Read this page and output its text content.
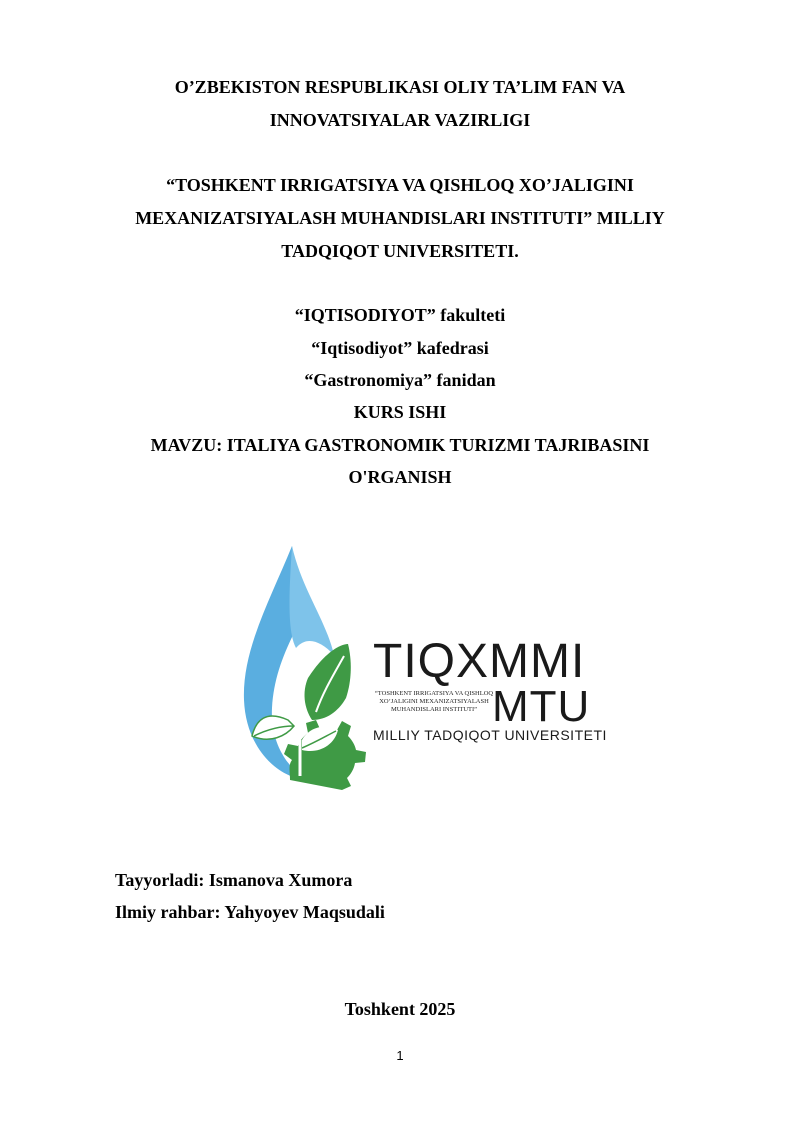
O’ZBEKISTON RESPUBLIKASI OLIY TA’LIM FAN VA
INNOVATSIYALAR VAZIRLIGI
“TOSHKENT IRRIGATSIYA VA QISHLOQ XO’JALIGINI
MEXANIZATSIYALASH MUHANDISLARI INSTITUTI” MILLIY
TADQIQOT UNIVERSITETI.
“IQTISODIYOT” fakulteti
“Iqtisodiyot” kafedrasi
“Gastronomiya” fanidan
KURS ISHI
MAVZU: ITALIYA GASTRONOMIK TURIZMI TAJRIBASINI
O'RGANISH
TIQXMMI
“TOSHKENT IRRIGATSIYA VA QISHLOQ XO’JALIGINI MEXANIZATSIYALASH MUHANDISLARI INSTITUTI” MTU
MILLIY TADQIQOT UNIVERSITETI
Tayyorladi: Ismanova Xumora
Ilmiy rahbar: Yahyoyev Maqsudali
Toshkent 2025
1
